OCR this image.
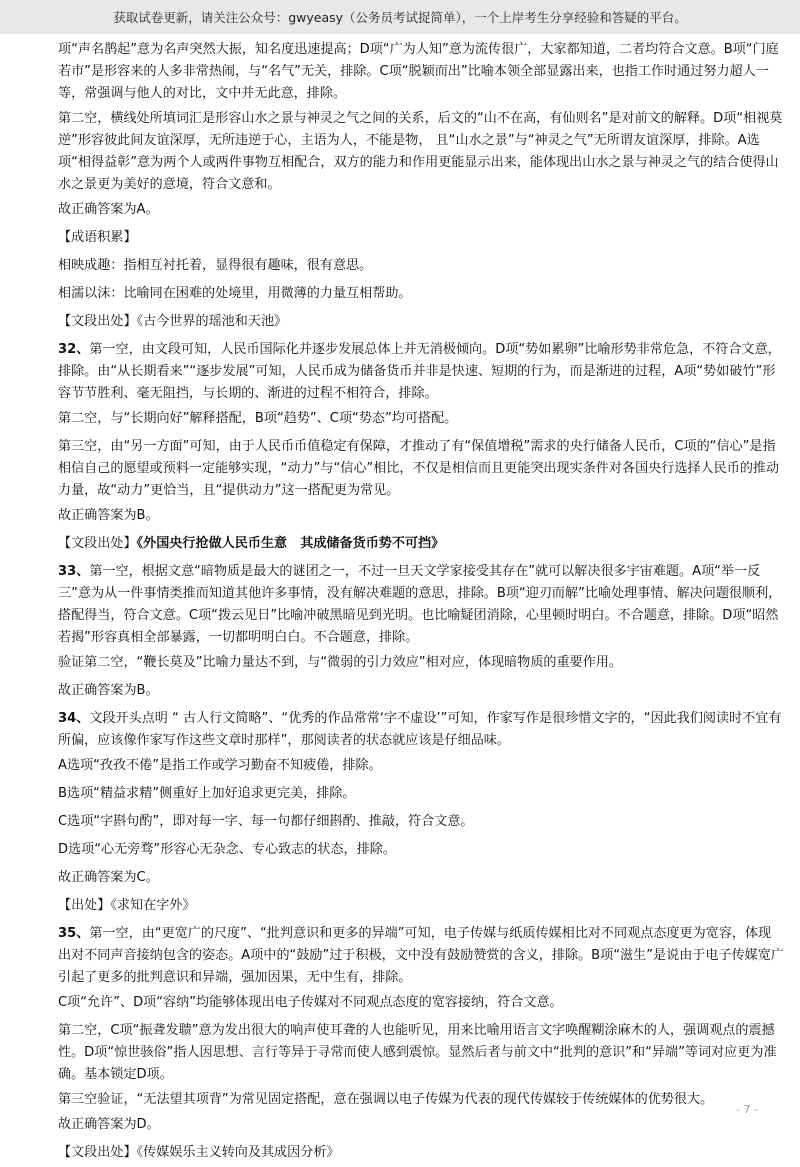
获取试卷更新，请关注公众号：gwyeasy（公务员考试捉简单），一个上岸考生分享经验和答疑的平台。

项“声名鹊起”意为名声突然大振，知名度迅速提高；D项“广为人知”意为流传很广，大家都知道，二者均符合文意。B项“门庭若市”是形容来的人多非常热闹，与“名气”无关，排除。C项“脱颖而出”比喻本领全部显露出来，也指工作时通过努力超人一等，常强调与他人的对比，文中并无此意，排除。

第二空，横线处所填词汇是形容山水之景与神灵之气之间的关系，后文的“山不在高，有仙则名”是对前文的解释。D项“相视莫逆”形容彼此间友谊深厚，无所违逆于心，主语为人，不能是物， 且“山水之景”与“神灵之气”无所谓友谊深厚，排除。A选项“相得益彰”意为两个人或两件事物互相配合，双方的能力和作用更能显示出来，能体现出山水之景与神灵之气的结合使得山水之景更为美好的意境，符合文意和。

故正确答案为A。

【成语积累】

相映成趣：指相互衬托着，显得很有趣味，很有意思。

相濡以沫：比喻同在困难的处境里，用微薄的力量互相帮助。

【文段出处】《古今世界的瑶池和天池》

32、第一空，由文段可知，人民币国际化并逐步发展总体上并无消极倾向。D项“势如累卵”比喻形势非常危急，不符合文意，排除。由“从长期看来”“逐步发展”可知，人民币成为储备货币并非是快速、短期的行为，而是渐进的过程，A项“势如破竹”形容节节胜利、毫无阻挡，与长期的、渐进的过程不相符合，排除。

第二空，与“长期向好”解释搭配，B项“趋势”、C项“势态”均可搭配。

第三空，由“另一方面”可知，由于人民币币值稳定有保障，才推动了有“保值增税”需求的央行储备人民币，C项的“信心”是指相信自己的愿望或预料一定能够实现，“动力”与“信心”相比，不仅是相信而且更能突出现实条件对各国央行选择人民币的推动力量，故“动力”更恰当，且“提供动力”这一搭配更为常见。

故正确答案为B。

【文段出处】《外国央行抢做人民币生意　其成储备货币势不可挡》

33、第一空，根据文意“暗物质是最大的谜团之一，不过一旦天文学家接受其存在”就可以解决很多宇宙难题。A项“举一反三”意为从一件事情类推而知道其他许多事情，没有解决难题的意思，排除。B项“迎刃而解”比喻处理事情、解决问题很顺利，搭配得当，符合文意。C项“拨云见日”比喻冲破黑暗见到光明。也比喻疑团消除，心里顿时明白。不合题意，排除。D项“昭然若揭”形容真相全部暴露，一切都明明白白。不合题意，排除。

验证第二空，“鞭长莫及”比喻力量达不到，与“微弱的引力效应”相对应，体现暗物质的重要作用。

故正确答案为B。

34、文段开头点明 “ 古人行文简略”、“优秀的作品常常‘字不虚设’”可知，作家写作是很珍惜文字的，“因此我们阅读时不宜有所偏，应该像作家写作这些文章时那样”，那阅读者的状态就应该是仔细品味。

A选项“孜孜不倦”是指工作或学习勤奋不知疲倦，排除。

B选项“精益求精”侧重好上加好追求更完美，排除。

C选项“字斟句酌”，即对每一字、每一句都仔细斟酌、推敲，符合文意。

D选项“心无旁骛”形容心无杂念、专心致志的状态，排除。

故正确答案为C。

【出处】《求知在字外》

35、第一空，由“更宽广的尺度”、“批判意识和更多的异端”可知，电子传媒与纸质传媒相比对不同观点态度更为宽容，体现出对不同声音接纳包含的姿态。A项中的“鼓励”过于积极，文中没有鼓励赞赏的含义，排除。B项“滋生”是说由于电子传媒宽广引起了更多的批判意识和异端，强加因果，无中生有，排除。

C项“允许”、D项“容纳”均能够体现出电子传媒对不同观点态度的宽容接纳，符合文意。

第二空，C项“振聋发聩”意为发出很大的响声使耳聋的人也能听见，用来比喻用语言文字唤醒糊涂麻木的人，强调观点的震撼性。D项“惊世骇俗”指人因思想、言行等异于寻常而使人感到震惊。显然后者与前文中“批判的意识”和“异端”等词对应更为准确。基本锁定D项。

第三空验证，“无法望其项背”为常见固定搭配，意在强调以电子传媒为代表的现代传媒较于传统媒体的优势很大。

故正确答案为D。

【文段出处】《传媒娱乐主义转向及其成因分析》

- 7 -
